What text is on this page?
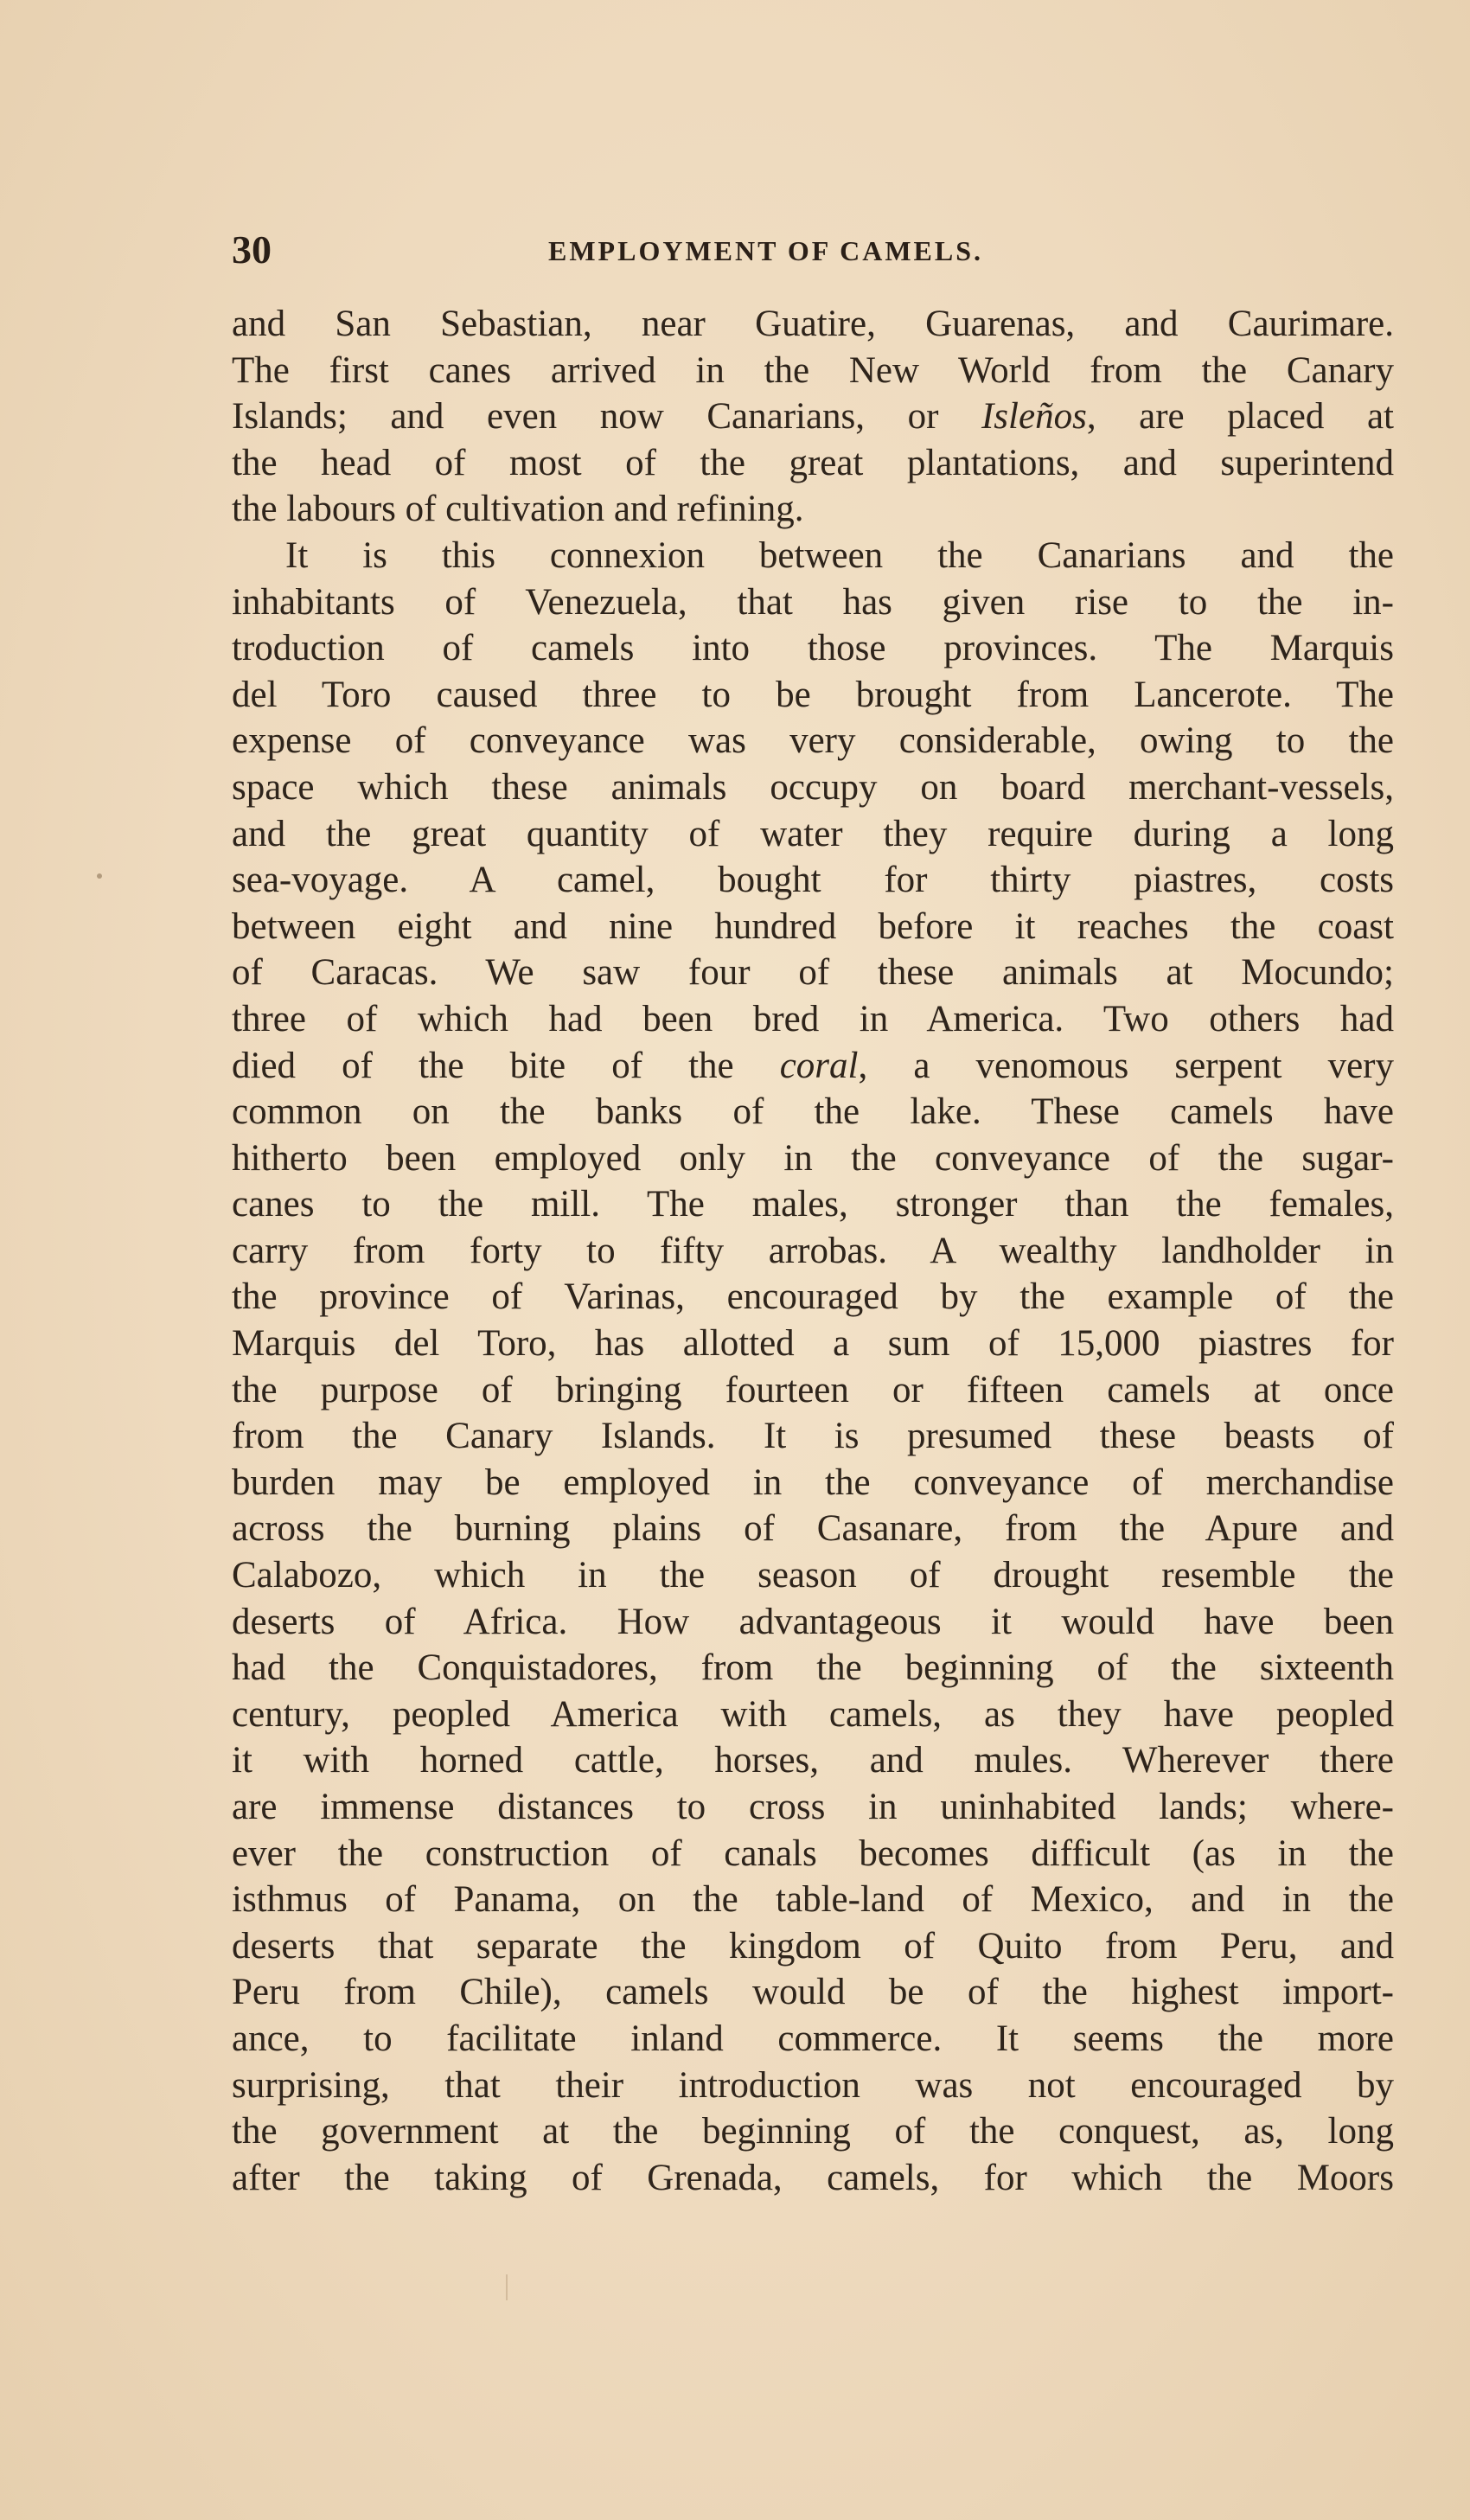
30	EMPLOYMENT OF CAMELS.
and San Sebastian, near Guatire, Guarenas, and Caurimare.
The first canes arrived in the New World from the Canary
Islands; and even now Canarians, or Isleños, are placed at
the head of most of the great plantations, and superintend
the labours of cultivation and refining.
It is this connexion between the Canarians and the
inhabitants of Venezuela, that has given rise to the in-
troduction of camels into those provinces. The Marquis
del Toro caused three to be brought from Lancerote. The
expense of conveyance was very considerable, owing to the
space which these animals occupy on board merchant-vessels,
and the great quantity of water they require during a long
sea-voyage. A camel, bought for thirty piastres, costs
between eight and nine hundred before it reaches the coast
of Caracas. We saw four of these animals at Mocundo;
three of which had been bred in America. Two others had
died of the bite of the coral, a venomous serpent very
common on the banks of the lake. These camels have
hitherto been employed only in the conveyance of the sugar-
canes to the mill. The males, stronger than the females,
carry from forty to fifty arrobas. A wealthy landholder in
the province of Varinas, encouraged by the example of the
Marquis del Toro, has allotted a sum of 15,000 piastres for
the purpose of bringing fourteen or fifteen camels at once
from the Canary Islands. It is presumed these beasts of
burden may be employed in the conveyance of merchandise
across the burning plains of Casanare, from the Apure and
Calabozo, which in the season of drought resemble the
deserts of Africa. How advantageous it would have been
had the Conquistadores, from the beginning of the sixteenth
century, peopled America with camels, as they have peopled
it with horned cattle, horses, and mules. Wherever there
are immense distances to cross in uninhabited lands; where-
ever the construction of canals becomes difficult (as in the
isthmus of Panama, on the table-land of Mexico, and in the
deserts that separate the kingdom of Quito from Peru, and
Peru from Chile), camels would be of the highest import-
ance, to facilitate inland commerce. It seems the more
surprising, that their introduction was not encouraged by
the government at the beginning of the conquest, as, long
after the taking of Grenada, camels, for which the Moors
